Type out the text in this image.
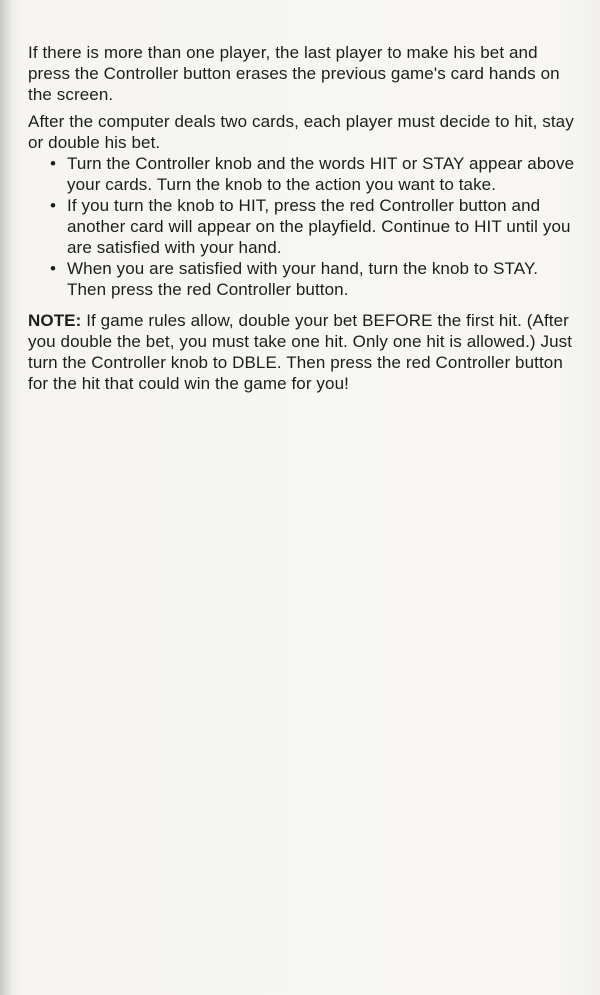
If there is more than one player, the last player to make his bet and press the Controller button erases the previous game's card hands on the screen.

After the computer deals two cards, each player must decide to hit, stay or double his bet.

• Turn the Controller knob and the words HIT or STAY appear above your cards. Turn the knob to the action you want to take.
• If you turn the knob to HIT, press the red Controller button and another card will appear on the playfield. Continue to HIT until you are satisfied with your hand.
• When you are satisfied with your hand, turn the knob to STAY. Then press the red Controller button.

NOTE: If game rules allow, double your bet BEFORE the first hit. (After you double the bet, you must take one hit. Only one hit is allowed.) Just turn the Controller knob to DBLE. Then press the red Controller button for the hit that could win the game for you!
